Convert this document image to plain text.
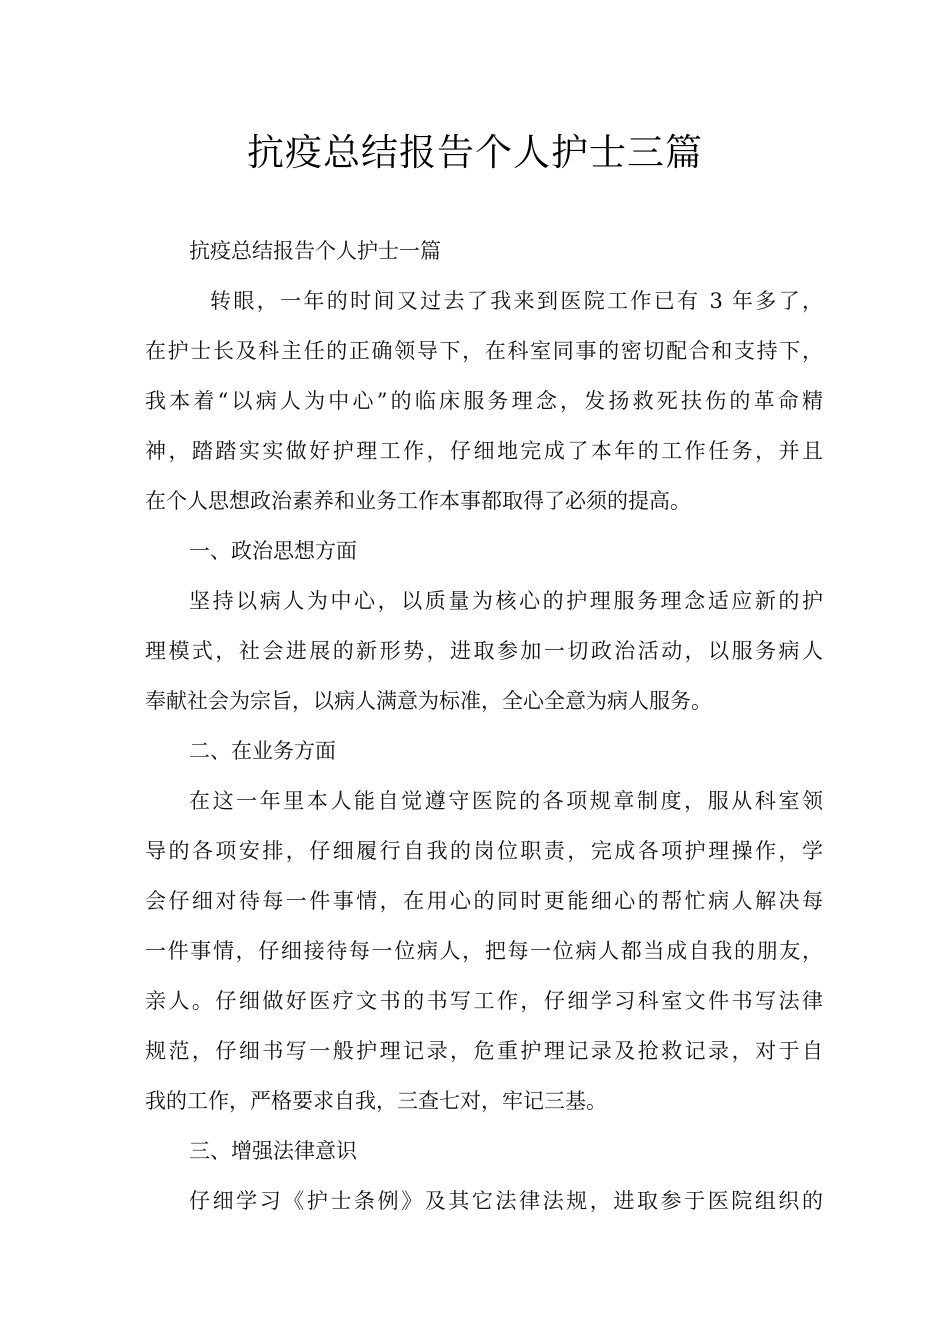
抗疫总结报告个人护士三篇
抗疫总结报告个人护士一篇
转眼，一年的时间又过去了我来到医院工作已有 3 年多了，
在护士长及科主任的正确领导下，在科室同事的密切配合和支持下，
我本着“以病人为中心”的临床服务理念，发扬救死扶伤的革命精
神，踏踏实实做好护理工作，仔细地完成了本年的工作任务，并且
在个人思想政治素养和业务工作本事都取得了必须的提高。
一、政治思想方面
坚持以病人为中心，以质量为核心的护理服务理念适应新的护
理模式，社会进展的新形势，进取参加一切政治活动，以服务病人
奉献社会为宗旨，以病人满意为标准，全心全意为病人服务。
二、在业务方面
在这一年里本人能自觉遵守医院的各项规章制度，服从科室领
导的各项安排，仔细履行自我的岗位职责，完成各项护理操作，学
会仔细对待每一件事情，在用心的同时更能细心的帮忙病人解决每
一件事情，仔细接待每一位病人，把每一位病人都当成自我的朋友，
亲人。仔细做好医疗文书的书写工作，仔细学习科室文件书写法律
规范，仔细书写一般护理记录，危重护理记录及抢救记录，对于自
我的工作，严格要求自我，三查七对，牢记三基。
三、增强法律意识
仔细学习《护士条例》及其它法律法规，进取参于医院组织的
